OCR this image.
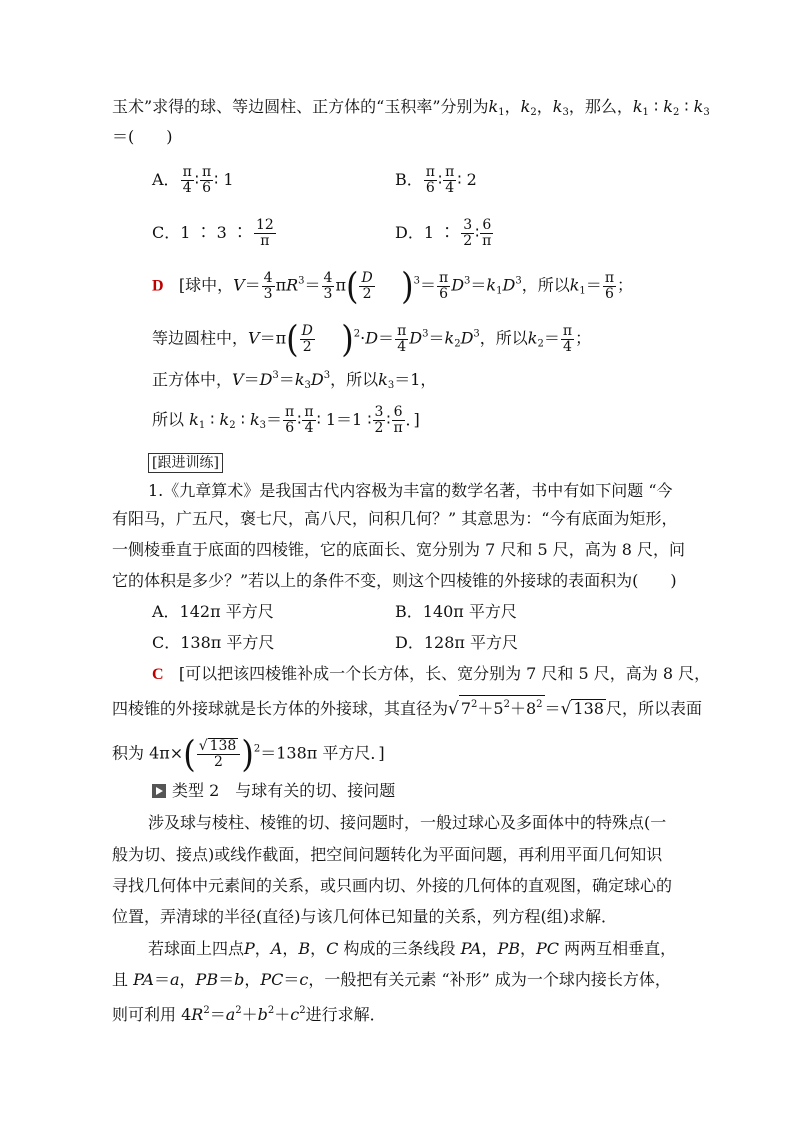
玉术”求得的球、等边圆柱、正方体的“玉积率”分别为$k_1$，$k_2$，$k_3$，那么，$k_1$ ∶ $k_2$ ∶ $k_3$
＝(　　)
A． $\frac{\pi}{4}$ ∶ $\frac{\pi}{6}$ ∶ 1	B． $\frac{\pi}{6}$ ∶ $\frac{\pi}{4}$ ∶ 2
C．1 ∶ 3 ∶ $\frac{12}{\pi}$	D．1 ∶ $\frac{3}{2}$ ∶ $\frac{6}{\pi}$
D [球中，$V= \frac{4}{3} \pi R^3= \frac{4}{3} \pi( \frac{D}{2} )^3= \frac{\pi}{6} D^3=k_1D^3$，所以$k_1= \frac{\pi}{6}$ ；
等边圆柱中，$V=\pi( \frac{D}{2} )^2\cdot D= \frac{\pi}{4} D^3=k_2D^3$，所以$k_2= \frac{\pi}{4}$ ；
正方体中，$V=D^3=k_3D^3$，所以$k_3=1$，
所以 $k_1$ ∶ $k_2$ ∶ $k_3= \frac{\pi}{6}$ ∶ $\frac{\pi}{4}$ ∶ 1＝1 ∶ $\frac{3}{2}$ ∶ $\frac{6}{\pi}$ ．]
[跟进训练]
1.《九章算术》是我国古代内容极为丰富的数学名著，书中有如下问题 “今
有阳马，广五尺，褒七尺，高八尺，问积几何？” 其意思为：“今有底面为矩形，
一侧棱垂直于底面的四棱锥，它的底面长、宽分别为 7 尺和 5 尺，高为 8 尺，问
它的体积是多少？”若以上的条件不变，则这个四棱锥的外接球的表面积为(　　)
A．142π 平方尺	B．140π 平方尺
C．138π 平方尺	D．128π 平方尺
C [可以把该四棱锥补成一个长方体，长、宽分别为 7 尺和 5 尺，高为 8 尺，
四棱锥的外接球就是长方体的外接球，其直径为√ $7^2+5^2+8^2$ ＝√ 138 尺，所以表面
积为 $4\pi\times( \frac{√ 138}{2} )^2=138\pi$ 平方尺．]
类型 2　与球有关的切、接问题
涉及球与棱柱、棱锥的切、接问题时，一般过球心及多面体中的特殊点(一
般为切、接点)或线作截面，把空间问题转化为平面问题，再利用平面几何知识
寻找几何体中元素间的关系，或只画内切、外接的几何体的直观图，确定球心的
位置，弄清球的半径(直径)与该几何体已知量的关系，列方程(组)求解．
若球面上四点P，A，B，C 构成的三条线段 PA，PB，PC 两两互相垂直，
且 PA＝a，PB＝b，PC＝c，一般把有关元素 “补形” 成为一个球内接长方体，
则可利用 $4R^2=a^2+b^2+c^2$进行求解．
